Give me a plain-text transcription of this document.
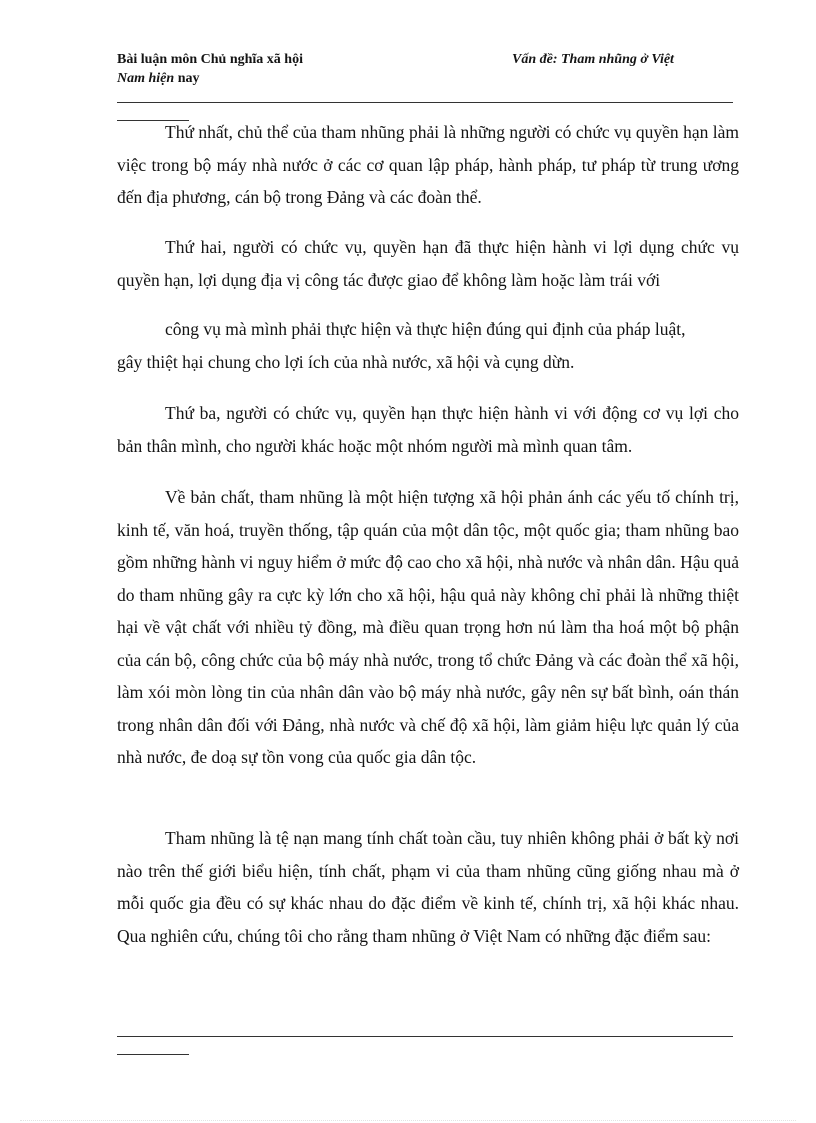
Bài luận môn Chủ nghĩa xã hội
Nam hiện nay
Vấn đề: Tham nhũng ở Việt

Thứ nhất, chủ thể của tham nhũng phải là những người có chức vụ quyền hạn làm việc trong bộ máy nhà nước ở các cơ quan lập pháp, hành pháp, tư pháp từ trung ương đến địa phương, cán bộ trong Đảng và các đoàn thể.

Thứ hai, người có chức vụ, quyền hạn đã thực hiện hành vi lợi dụng chức vụ quyền hạn, lợi dụng địa vị công tác được giao để không làm hoặc làm trái với

công vụ mà mình phải thực hiện và thực hiện đúng qui định của pháp luật,
gây thiệt hại chung cho lợi ích của nhà nước, xã hội và cụng dừn.

Thứ ba, người có chức vụ, quyền hạn thực hiện hành vi với động cơ vụ lợi cho bản thân mình, cho người khác hoặc một nhóm người mà mình quan tâm.

Về bản chất, tham nhũng là một hiện tượng xã hội phản ánh các yếu tố chính trị, kinh tế, văn hoá, truyền thống, tập quán của một dân tộc, một quốc gia; tham nhũng bao gồm những hành vi nguy hiểm ở mức độ cao cho xã hội, nhà nước và nhân dân. Hậu quả do tham nhũng gây ra cực kỳ lớn cho xã hội, hậu quả này không chỉ phải là những thiệt hại về vật chất với nhiều tỷ đồng, mà điều quan trọng hơn nú làm tha hoá một bộ phận của cán bộ, công chức của bộ máy nhà nước, trong tổ chức Đảng và các đoàn thể xã hội, làm xói mòn lòng tin của nhân dân vào bộ máy nhà nước, gây nên sự bất bình, oán thán trong nhân dân đối với Đảng, nhà nước và chế độ xã hội, làm giảm hiệu lực quản lý của nhà nước, đe doạ sự tồn vong của quốc gia dân tộc.

Tham nhũng là tệ nạn mang tính chất toàn cầu, tuy nhiên không phải ở bất kỳ nơi nào trên thế giới biểu hiện, tính chất, phạm vi của tham nhũng cũng giống nhau mà ở mỗi quốc gia đều có sự khác nhau do đặc điểm về kinh tế, chính trị, xã hội khác nhau. Qua nghiên cứu, chúng tôi cho rằng tham nhũng ở Việt Nam có những đặc điểm sau:
